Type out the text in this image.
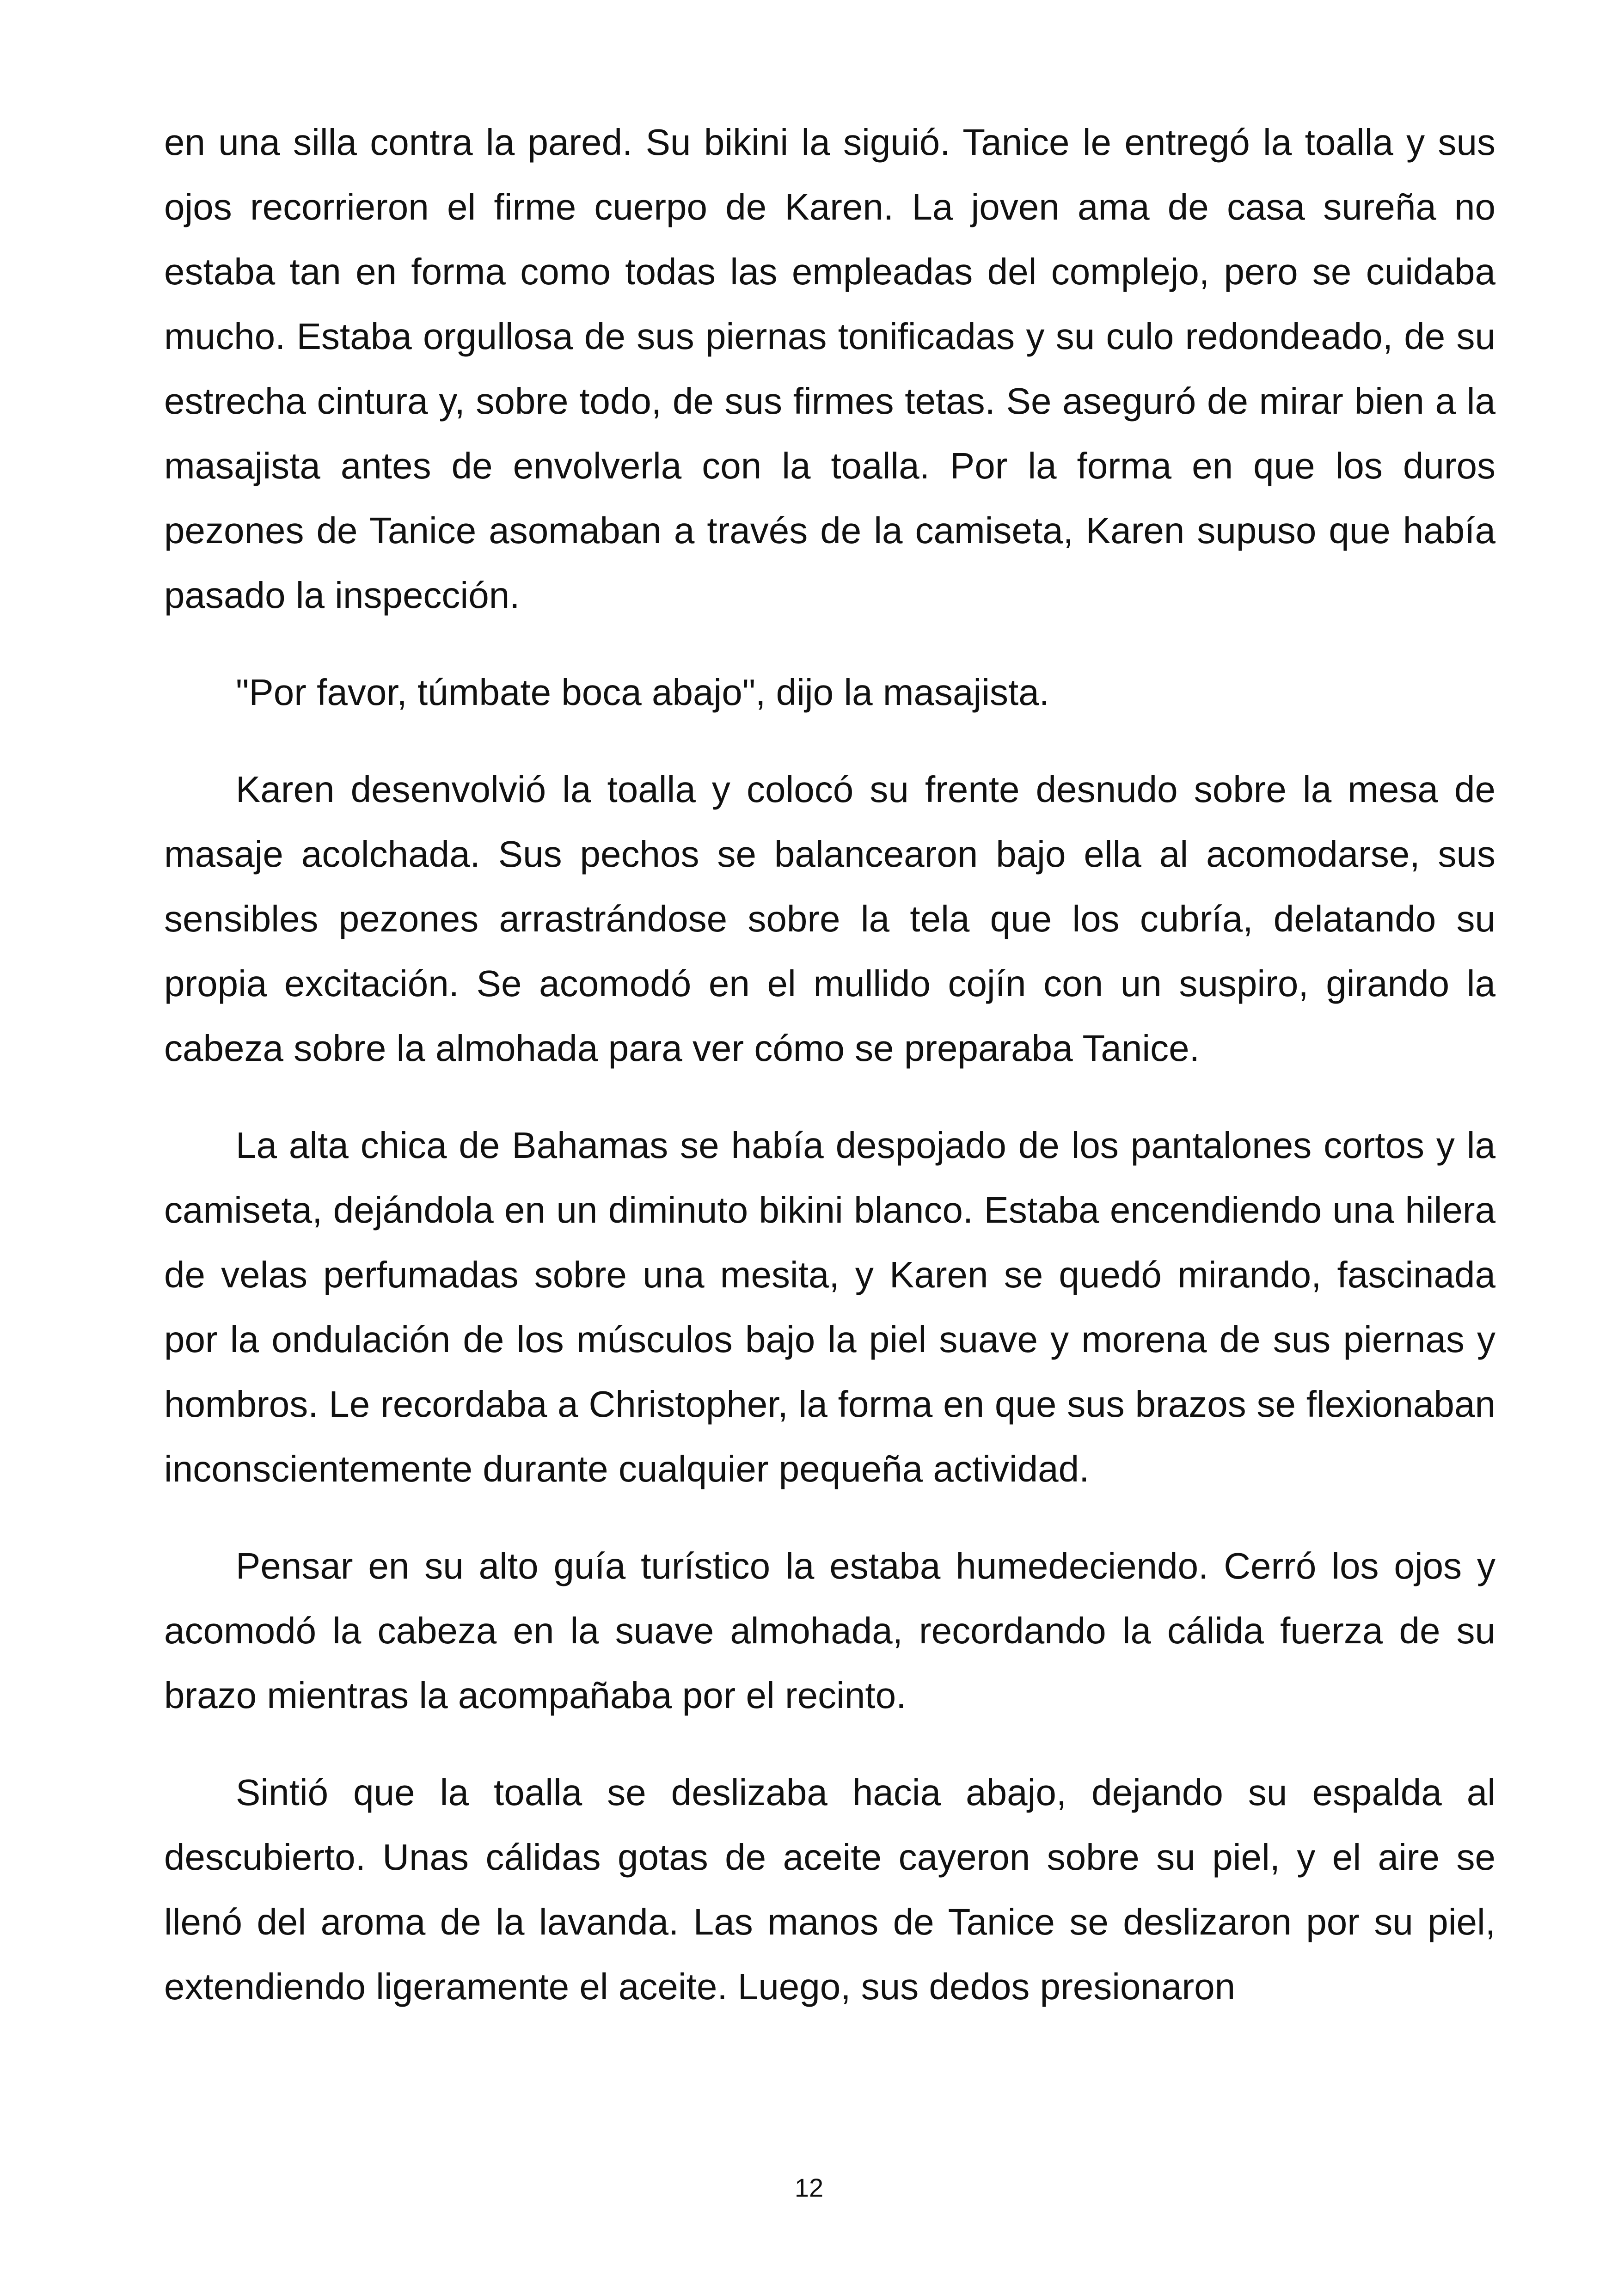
en una silla contra la pared. Su bikini la siguió. Tanice le entregó la toalla y sus ojos recorrieron el firme cuerpo de Karen. La joven ama de casa sureña no estaba tan en forma como todas las empleadas del complejo, pero se cuidaba mucho. Estaba orgullosa de sus piernas tonificadas y su culo redondeado, de su estrecha cintura y, sobre todo, de sus firmes tetas. Se aseguró de mirar bien a la masajista antes de envolverla con la toalla. Por la forma en que los duros pezones de Tanice asomaban a través de la camiseta, Karen supuso que había pasado la inspección.

"Por favor, túmbate boca abajo", dijo la masajista.

Karen desenvolvió la toalla y colocó su frente desnudo sobre la mesa de masaje acolchada. Sus pechos se balancearon bajo ella al acomodarse, sus sensibles pezones arrastrándose sobre la tela que los cubría, delatando su propia excitación. Se acomodó en el mullido cojín con un suspiro, girando la cabeza sobre la almohada para ver cómo se preparaba Tanice.

La alta chica de Bahamas se había despojado de los pantalones cortos y la camiseta, dejándola en un diminuto bikini blanco. Estaba encendiendo una hilera de velas perfumadas sobre una mesita, y Karen se quedó mirando, fascinada por la ondulación de los músculos bajo la piel suave y morena de sus piernas y hombros. Le recordaba a Christopher, la forma en que sus brazos se flexionaban inconscientemente durante cualquier pequeña actividad.

Pensar en su alto guía turístico la estaba humedeciendo. Cerró los ojos y acomodó la cabeza en la suave almohada, recordando la cálida fuerza de su brazo mientras la acompañaba por el recinto.

Sintió que la toalla se deslizaba hacia abajo, dejando su espalda al descubierto. Unas cálidas gotas de aceite cayeron sobre su piel, y el aire se llenó del aroma de la lavanda. Las manos de Tanice se deslizaron por su piel, extendiendo ligeramente el aceite. Luego, sus dedos presionaron

12
